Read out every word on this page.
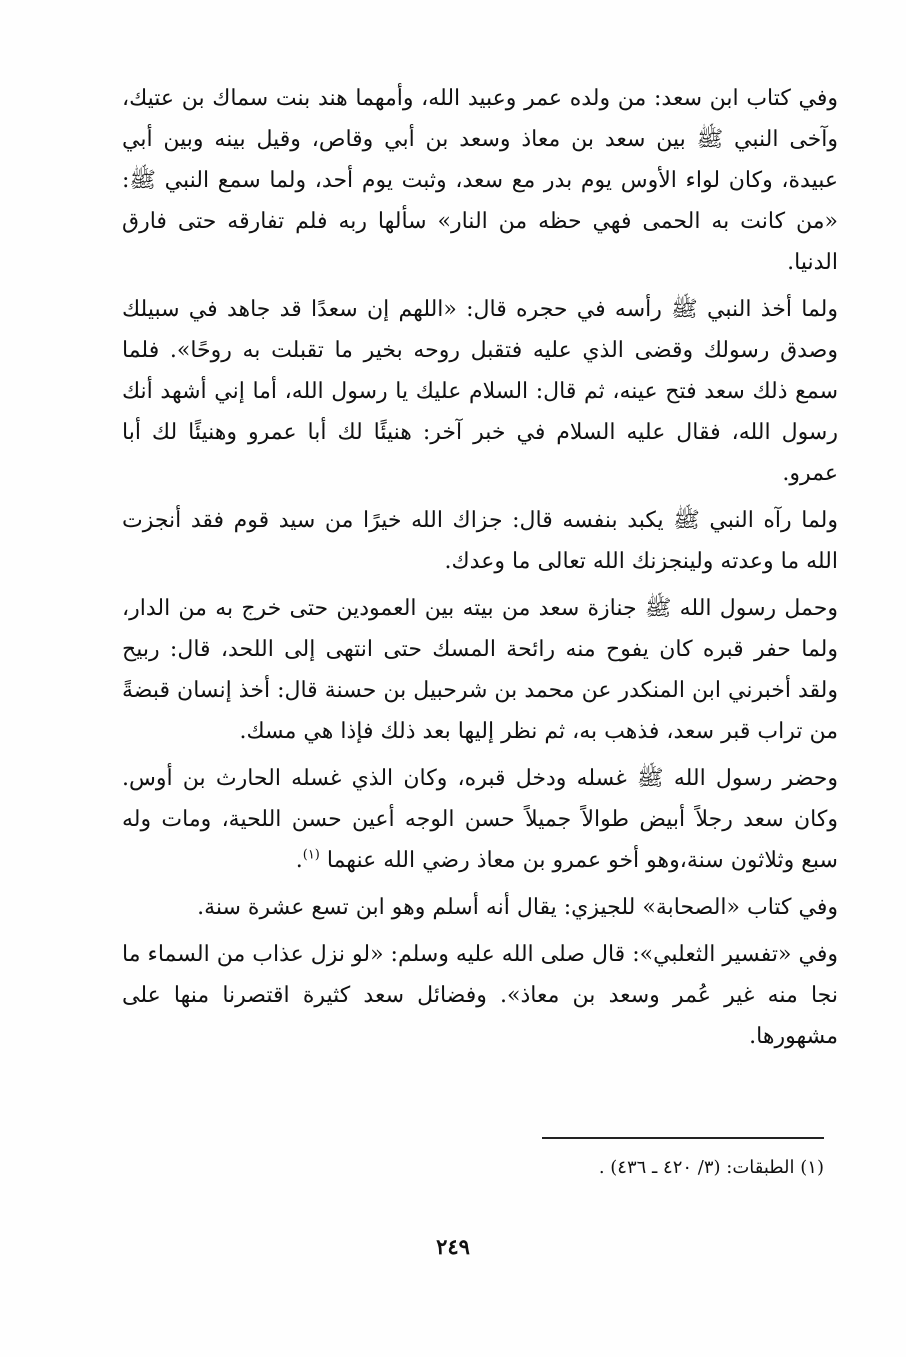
وفي كتاب ابن سعد: من ولده عمر وعبيد الله، وأمهما هند بنت سماك بن عتيك، وآخى النبي ﷺ بين سعد بن معاذ وسعد بن أبي وقاص، وقيل بينه وبين أبي عبيدة، وكان لواء الأوس يوم بدر مع سعد، وثبت يوم أحد، ولما سمع النبي ﷺ: «من كانت به الحمى فهي حظه من النار» سألها ربه فلم تفارقه حتى فارق الدنيا.

ولما أخذ النبي ﷺ رأسه في حجره قال: «اللهم إن سعدًا قد جاهد في سبيلك وصدق رسولك وقضى الذي عليه فتقبل روحه بخير ما تقبلت به روحًا». فلما سمع ذلك سعد فتح عينه، ثم قال: السلام عليك يا رسول الله، أما إني أشهد أنك رسول الله، فقال عليه السلام في خبر آخر: هنيئًا لك أبا عمرو وهنيئًا لك أبا عمرو.

ولما رآه النبي ﷺ يكبد بنفسه قال: جزاك الله خيرًا من سيد قوم فقد أنجزت الله ما وعدته ولينجزنك الله تعالى ما وعدك.

وحمل رسول الله ﷺ جنازة سعد من بيته بين العمودين حتى خرج به من الدار، ولما حفر قبره كان يفوح منه رائحة المسك حتى انتهى إلى اللحد، قال: ربيح ولقد أخبرني ابن المنكدر عن محمد بن شرحبيل بن حسنة قال: أخذ إنسان قبضةً من تراب قبر سعد، فذهب به، ثم نظر إليها بعد ذلك فإذا هي مسك.

وحضر رسول الله ﷺ غسله ودخل قبره، وكان الذي غسله الحارث بن أوس. وكان سعد رجلاً أبيض طوالاً جميلاً حسن الوجه أعين حسن اللحية، ومات وله سبع وثلاثون سنة،وهو أخو عمرو بن معاذ رضي الله عنهما $^{(١)}$.

وفي كتاب «الصحابة» للجيزي: يقال أنه أسلم وهو ابن تسع عشرة سنة.

وفي «تفسير الثعلبي»: قال صلى الله عليه وسلم: «لو نزل عذاب من السماء ما نجا منه غير عُمر وسعد بن معاذ». وفضائل سعد كثيرة اقتصرنا منها على مشهورها.

(١) الطبقات: (٣/ ٤٢٠ ـ ٤٣٦) .
٢٤٩
